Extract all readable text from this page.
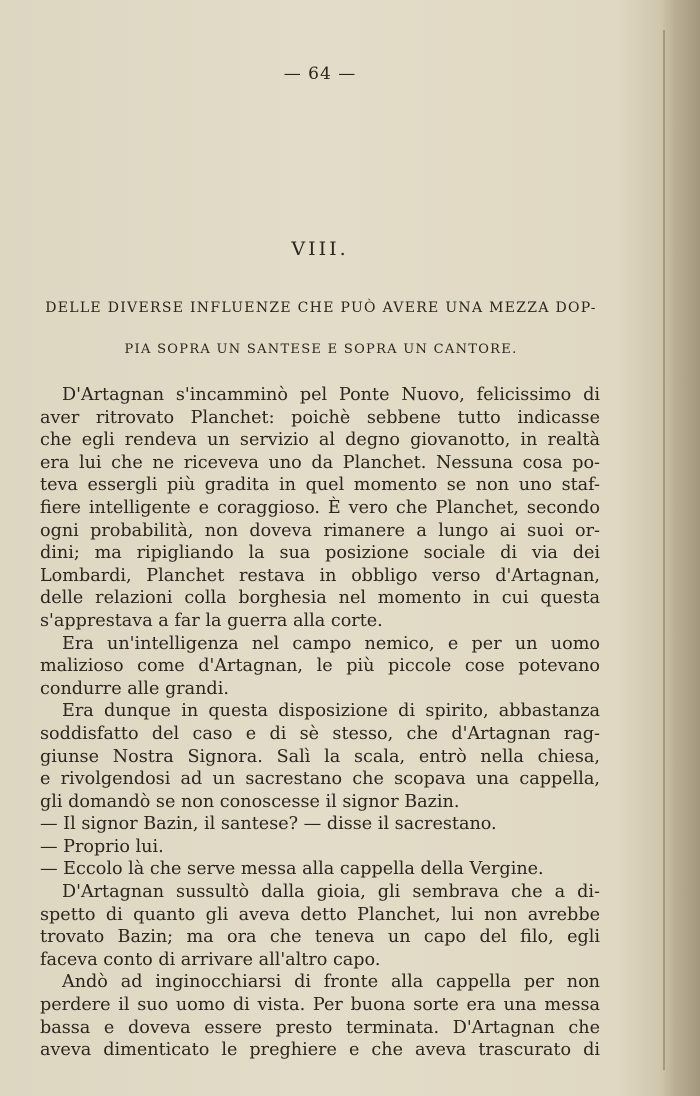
— 64 —
VIII.
DELLE DIVERSE INFLUENZE CHE PUÒ AVERE UNA MEZZA DOP-
PIA SOPRA UN SANTESE E SOPRA UN CANTORE.
D'Artagnan s'incamminò pel Ponte Nuovo, felicissimo di
aver ritrovato Planchet: poichè sebbene tutto indicasse
che egli rendeva un servizio al degno giovanotto, in realtà
era lui che ne riceveva uno da Planchet. Nessuna cosa po-
teva essergli più gradita in quel momento se non uno staf-
fiere intelligente e coraggioso. È vero che Planchet, secondo
ogni probabilità, non doveva rimanere a lungo ai suoi or-
dini; ma ripigliando la sua posizione sociale di via dei
Lombardi, Planchet restava in obbligo verso d'Artagnan,
delle relazioni colla borghesia nel momento in cui questa
s'apprestava a far la guerra alla corte.
Era un'intelligenza nel campo nemico, e per un uomo
malizioso come d'Artagnan, le più piccole cose potevano
condurre alle grandi.
Era dunque in questa disposizione di spirito, abbastanza
soddisfatto del caso e di sè stesso, che d'Artagnan rag-
giunse Nostra Signora. Salì la scala, entrò nella chiesa,
e rivolgendosi ad un sacrestano che scopava una cappella,
gli domandò se non conoscesse il signor Bazin.
— Il signor Bazin, il santese? — disse il sacrestano.
— Proprio lui.
— Eccolo là che serve messa alla cappella della Vergine.
D'Artagnan sussultò dalla gioia, gli sembrava che a di-
spetto di quanto gli aveva detto Planchet, lui non avrebbe
trovato Bazin; ma ora che teneva un capo del filo, egli
faceva conto di arrivare all'altro capo.
Andò ad inginocchiarsi di fronte alla cappella per non
perdere il suo uomo di vista. Per buona sorte era una messa
bassa e doveva essere presto terminata. D'Artagnan che
aveva dimenticato le preghiere e che aveva trascurato di
